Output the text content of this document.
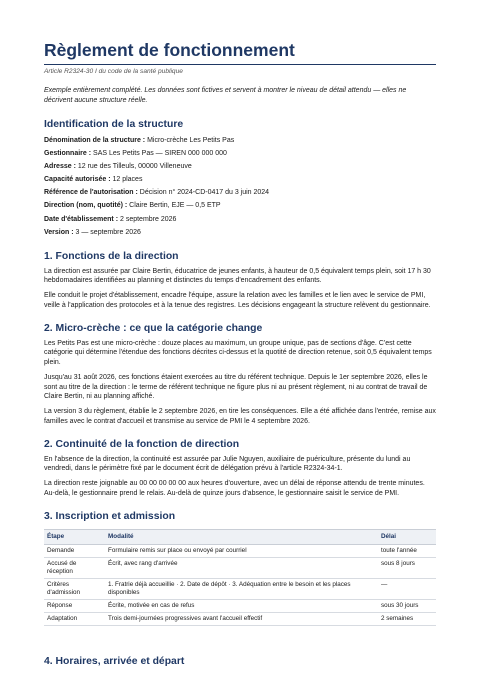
Règlement de fonctionnement
Article R2324-30 I du code de la santé publique
Exemple entièrement complété. Les données sont fictives et servent à montrer le niveau de détail attendu — elles ne décrivent aucune structure réelle.
Identification de la structure
Dénomination de la structure : Micro-crèche Les Petits Pas
Gestionnaire : SAS Les Petits Pas — SIREN 000 000 000
Adresse : 12 rue des Tilleuls, 00000 Villeneuve
Capacité autorisée : 12 places
Référence de l'autorisation : Décision n° 2024-CD-0417 du 3 juin 2024
Direction (nom, quotité) : Claire Bertin, EJE — 0,5 ETP
Date d'établissement : 2 septembre 2026
Version : 3 — septembre 2026
1. Fonctions de la direction

La direction est assurée par Claire Bertin, éducatrice de jeunes enfants, à hauteur de 0,5 équivalent temps plein, soit 17 h 30 hebdomadaires identifiées au planning et distinctes du temps d'encadrement des enfants.

Elle conduit le projet d'établissement, encadre l'équipe, assure la relation avec les familles et le lien avec le service de PMI, veille à l'application des protocoles et à la tenue des registres. Les décisions engageant la structure relèvent du gestionnaire.

2. Micro-crèche : ce que la catégorie change

Les Petits Pas est une micro-crèche : douze places au maximum, un groupe unique, pas de sections d'âge. C'est cette catégorie qui détermine l'étendue des fonctions décrites ci-dessus et la quotité de direction retenue, soit 0,5 équivalent temps plein.

Jusqu'au 31 août 2026, ces fonctions étaient exercées au titre du référent technique. Depuis le 1er septembre 2026, elles le sont au titre de la direction : le terme de référent technique ne figure plus ni au présent règlement, ni au contrat de travail de Claire Bertin, ni au planning affiché.

La version 3 du règlement, établie le 2 septembre 2026, en tire les conséquences. Elle a été affichée dans l'entrée, remise aux familles avec le contrat d'accueil et transmise au service de PMI le 4 septembre 2026.

2. Continuité de la fonction de direction

En l'absence de la direction, la continuité est assurée par Julie Nguyen, auxiliaire de puériculture, présente du lundi au vendredi, dans le périmètre fixé par le document écrit de délégation prévu à l'article R2324-34-1.

La direction reste joignable au 00 00 00 00 00 aux heures d'ouverture, avec un délai de réponse attendu de trente minutes. Au-delà, le gestionnaire prend le relais. Au-delà de quinze jours d'absence, le gestionnaire saisit le service de PMI.

3. Inscription et admission
Étape	Modalité	Délai
Demande	Formulaire remis sur place ou envoyé par courriel	toute l'année
Accusé de réception	Écrit, avec rang d'arrivée	sous 8 jours
Critères d'admission	1. Fratrie déjà accueillie · 2. Date de dépôt · 3. Adéquation entre le besoin et les places disponibles	—
Réponse	Écrite, motivée en cas de refus	sous 30 jours
Adaptation	Trois demi-journées progressives avant l'accueil effectif	2 semaines
4. Horaires, arrivée et départ
